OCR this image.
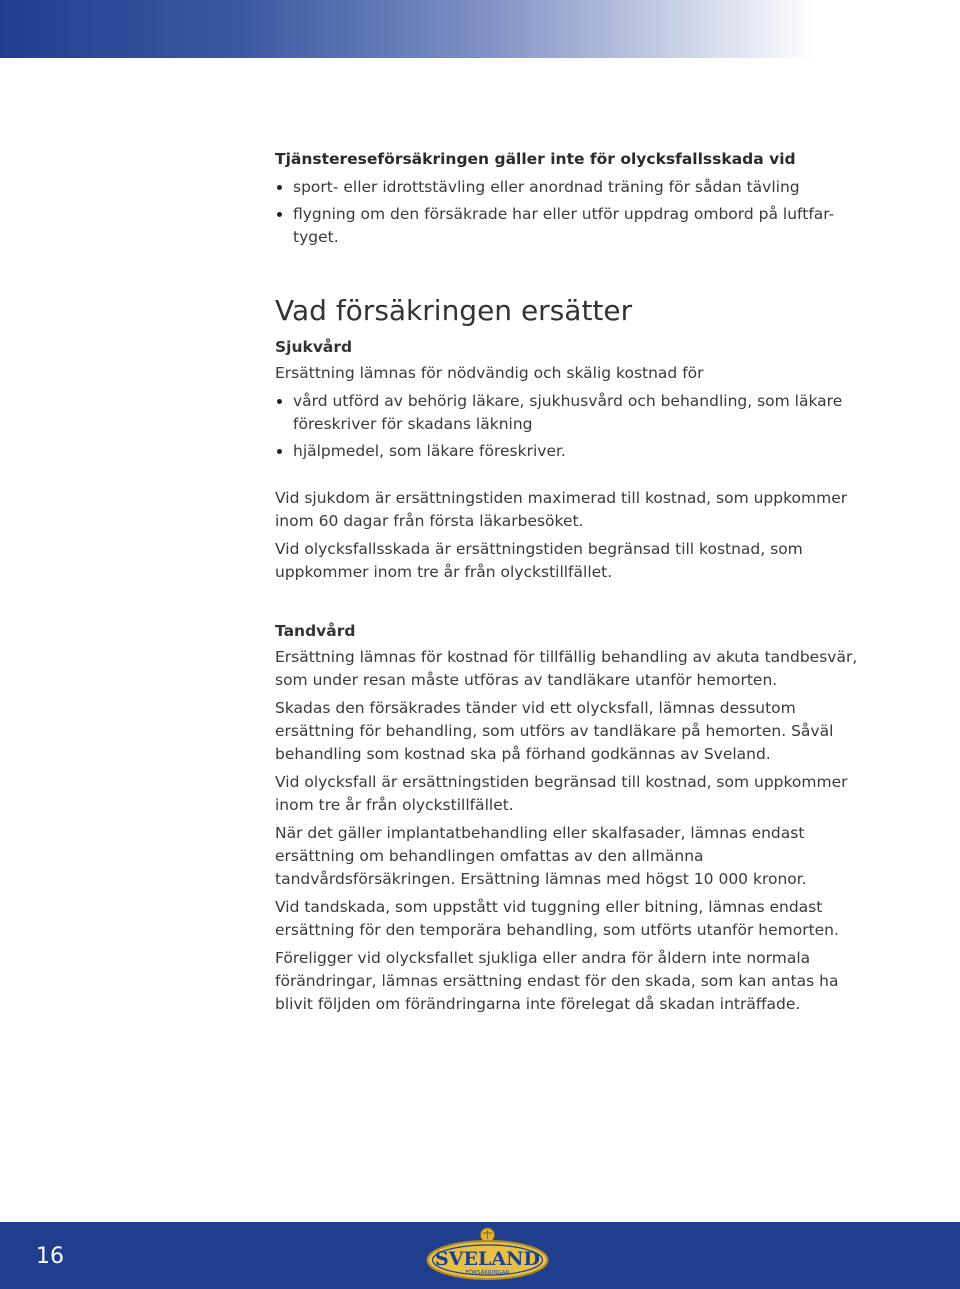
Tjänstereseförsäkringen gäller inte för olycksfallsskada vid

sport- eller idrottstävling eller anordnad träning för sådan tävling
flygning om den försäkrade har eller utför uppdrag ombord på luftfar-tyget.
Vad försäkringen ersätter

Sjukvård

Ersättning lämnas för nödvändig och skälig kostnad för

vård utförd av behörig läkare, sjukhusvård och behandling, som läkare föreskriver för skadans läkning
hjälpmedel, som läkare föreskriver.

Vid sjukdom är ersättningstiden maximerad till kostnad, som uppkommer inom 60 dagar från första läkarbesöket.

Vid olycksfallsskada är ersättningstiden begränsad till kostnad, som uppkommer inom tre år från olyckstillfället.

Tandvård

Ersättning lämnas för kostnad för tillfällig behandling av akuta tandbesvär, som under resan måste utföras av tandläkare utanför hemorten.

Skadas den försäkrades tänder vid ett olycksfall, lämnas dessutom ersättning för behandling, som utförs av tandläkare på hemorten. Såväl behandling som kostnad ska på förhand godkännas av Sveland.

Vid olycksfall är ersättningstiden begränsad till kostnad, som uppkommer inom tre år från olyckstillfället.

När det gäller implantatbehandling eller skalfasader, lämnas endast ersättning om behandlingen omfattas av den allmänna tandvårdsförsäkringen. Ersättning lämnas med högst 10 000 kronor.

Vid tandskada, som uppstått vid tuggning eller bitning, lämnas endast ersättning för den temporära behandling, som utförts utanför hemorten.

Föreligger vid olycksfallet sjukliga eller andra för åldern inte normala förändringar, lämnas ersättning endast för den skada, som kan antas ha blivit följden om förändringarna inte förelegat då skadan inträffade.

16	SVELAND
FÖRSÄKRINGAR
